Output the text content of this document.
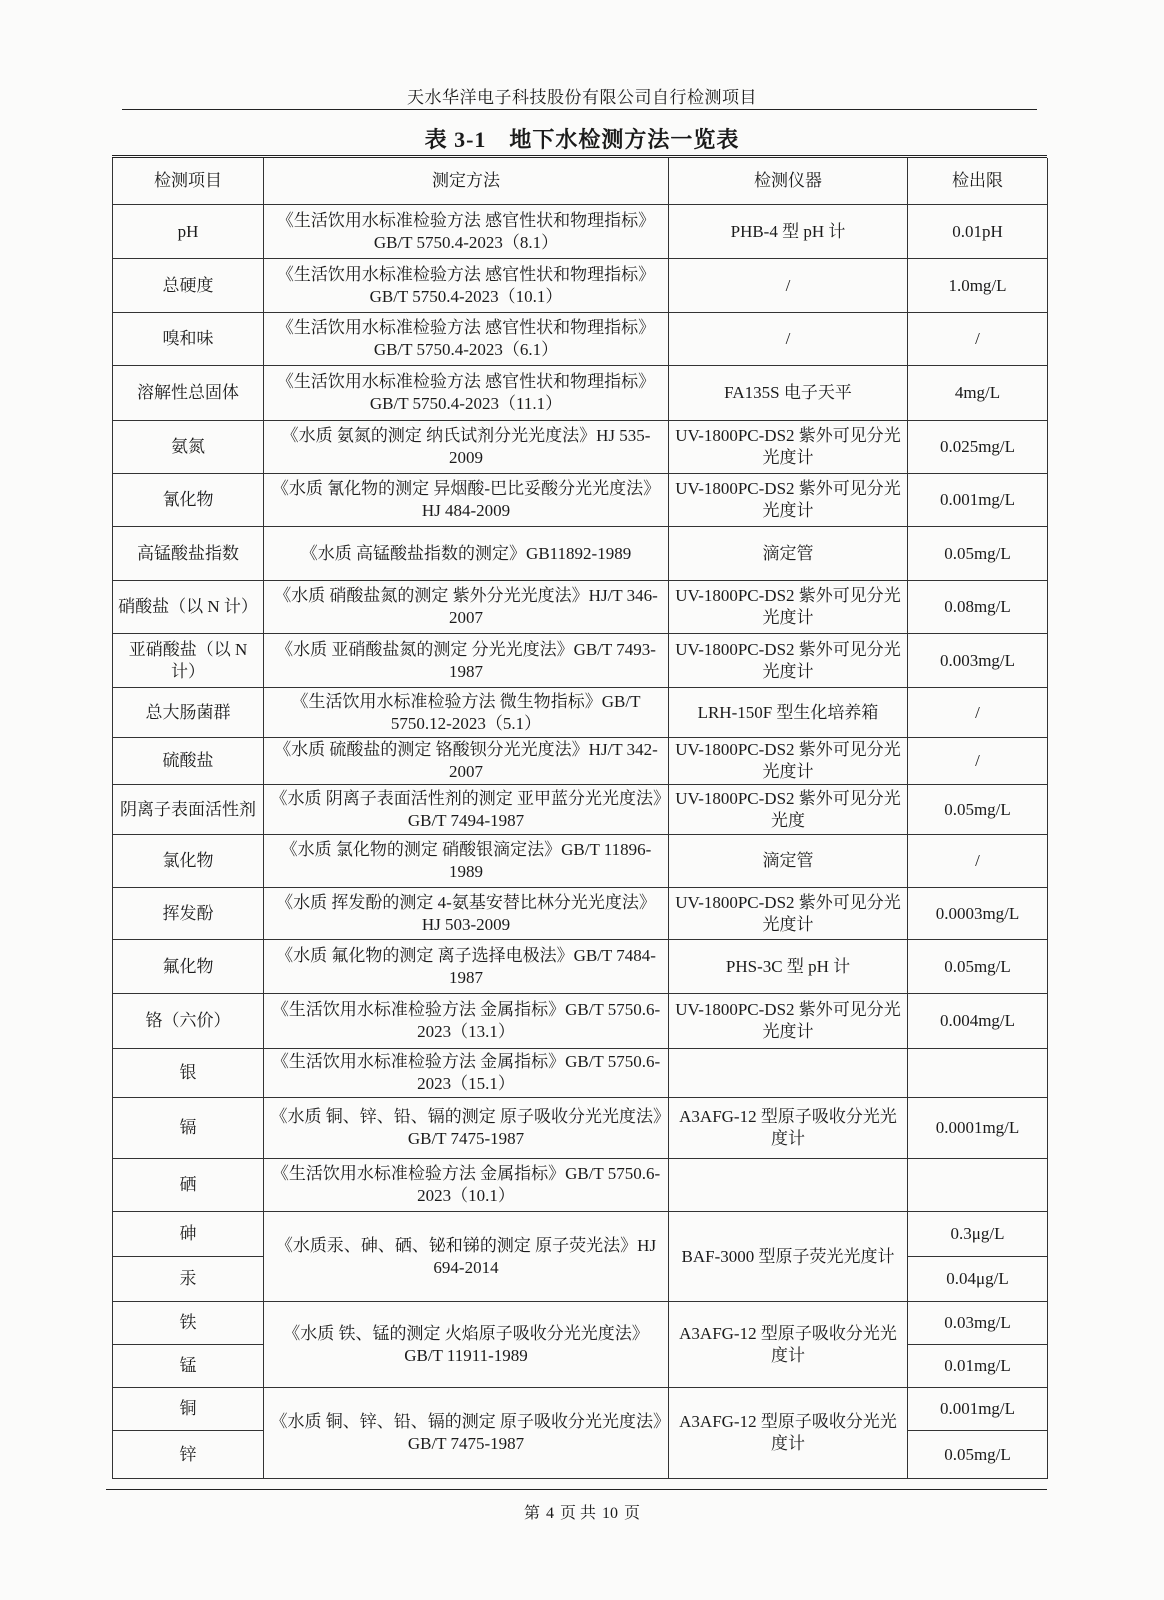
天水华洋电子科技股份有限公司自行检测项目
表 3-1　地下水检测方法一览表
检测项目	测定方法	检测仪器	检出限
pH	《生活饮用水标准检验方法 感官性状和物理指标》GB/T 5750.4-2023（8.1）	PHB-4 型 pH 计	0.01pH
总硬度	《生活饮用水标准检验方法 感官性状和物理指标》GB/T 5750.4-2023（10.1）	/	1.0mg/L
嗅和味	《生活饮用水标准检验方法 感官性状和物理指标》GB/T 5750.4-2023（6.1）	/	/
溶解性总固体	《生活饮用水标准检验方法 感官性状和物理指标》GB/T 5750.4-2023（11.1）	FA135S 电子天平	4mg/L
氨氮	《水质 氨氮的测定 纳氏试剂分光光度法》HJ 535-2009	UV-1800PC-DS2 紫外可见分光光度计	0.025mg/L
氰化物	《水质 氰化物的测定 异烟酸-巴比妥酸分光光度法》HJ 484-2009	UV-1800PC-DS2 紫外可见分光光度计	0.001mg/L
高锰酸盐指数	《水质 高锰酸盐指数的测定》GB11892-1989	滴定管	0.05mg/L
硝酸盐（以 N 计）	《水质 硝酸盐氮的测定 紫外分光光度法》HJ/T 346-2007	UV-1800PC-DS2 紫外可见分光光度计	0.08mg/L
亚硝酸盐（以 N 计）	《水质 亚硝酸盐氮的测定 分光光度法》GB/T 7493-1987	UV-1800PC-DS2 紫外可见分光光度计	0.003mg/L
总大肠菌群	《生活饮用水标准检验方法 微生物指标》GB/T 5750.12-2023（5.1）	LRH-150F 型生化培养箱	/
硫酸盐	《水质 硫酸盐的测定 铬酸钡分光光度法》HJ/T 342-2007	UV-1800PC-DS2 紫外可见分光光度计	/
阴离子表面活性剂	《水质 阴离子表面活性剂的测定 亚甲蓝分光光度法》GB/T 7494-1987	UV-1800PC-DS2 紫外可见分光光度	0.05mg/L
氯化物	《水质 氯化物的测定 硝酸银滴定法》GB/T 11896-1989	滴定管	/
挥发酚	《水质 挥发酚的测定 4-氨基安替比林分光光度法》HJ 503-2009	UV-1800PC-DS2 紫外可见分光光度计	0.0003mg/L
氟化物	《水质 氟化物的测定 离子选择电极法》GB/T 7484-1987	PHS-3C 型 pH 计	0.05mg/L
铬（六价）	《生活饮用水标准检验方法 金属指标》GB/T 5750.6-2023（13.1）	UV-1800PC-DS2 紫外可见分光光度计	0.004mg/L
银	《生活饮用水标准检验方法 金属指标》GB/T 5750.6-2023（15.1）		
镉	《水质 铜、锌、铅、镉的测定 原子吸收分光光度法》GB/T 7475-1987	A3AFG-12 型原子吸收分光光度计	0.0001mg/L
硒	《生活饮用水标准检验方法 金属指标》GB/T 5750.6-2023（10.1）		
砷	《水质汞、砷、硒、铋和锑的测定 原子荧光法》HJ 694-2014	BAF-3000 型原子荧光光度计	0.3μg/L
汞			0.04μg/L
铁	《水质 铁、锰的测定 火焰原子吸收分光光度法》GB/T 11911-1989	A3AFG-12 型原子吸收分光光度计	0.03mg/L
锰			0.01mg/L
铜	《水质 铜、锌、铅、镉的测定 原子吸收分光光度法》GB/T 7475-1987	A3AFG-12 型原子吸收分光光度计	0.001mg/L
锌			0.05mg/L
第 4 页 共 10 页
